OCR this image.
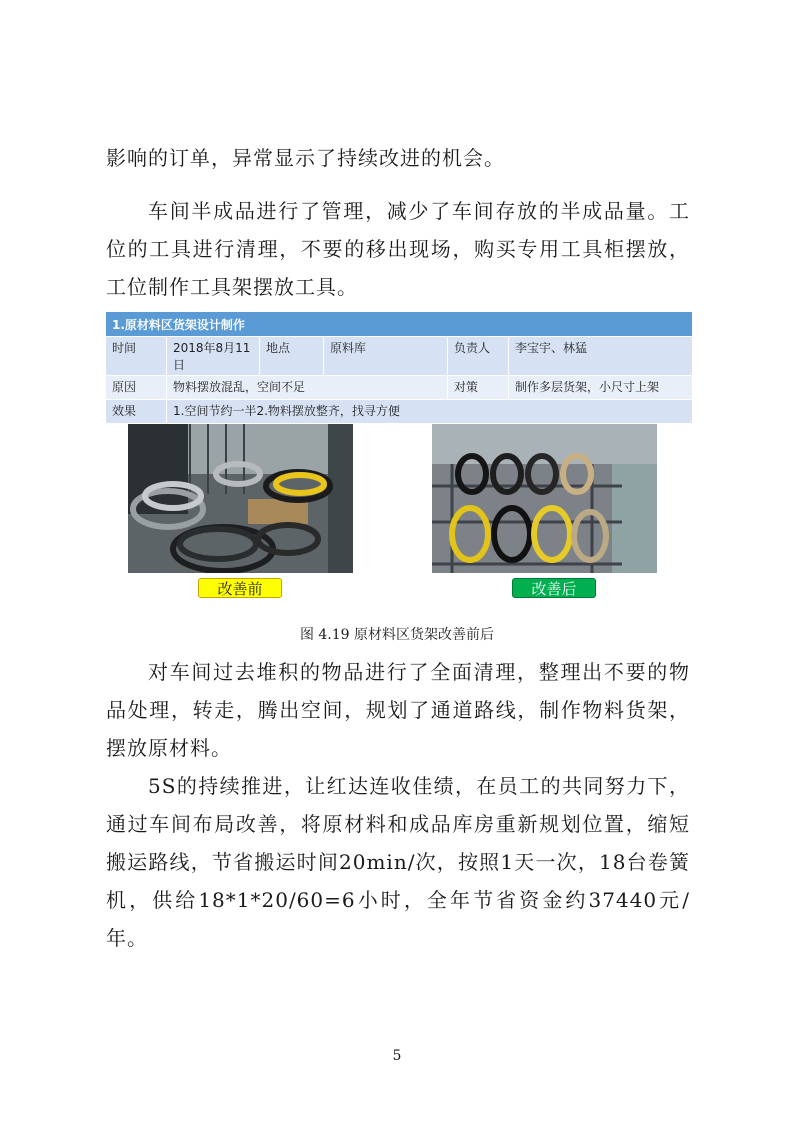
影响的订单，异常显示了持续改进的机会。

车间半成品进行了管理，减少了车间存放的半成品量。工位的工具进行清理，不要的移出现场，购买专用工具柜摆放，工位制作工具架摆放工具。

1.原材料区货架设计制作					
时间	2018年8月11日	地点	原料库	负责人	李宝宇、林猛
原因	物料摆放混乱，空间不足			对策	制作多层货架，小尺寸上架
效果	1.空间节约一半2.物料摆放整齐，找寻方便				
改善前	改善后

图 4.19 原材料区货架改善前后

对车间过去堆积的物品进行了全面清理，整理出不要的物品处理，转走，腾出空间，规划了通道路线，制作物料货架，摆放原材料。

5S的持续推进，让红达连收佳绩，在员工的共同努力下，通过车间布局改善，将原材料和成品库房重新规划位置，缩短搬运路线，节省搬运时间20min/次，按照1天一次，18台卷簧机，供给18*1*20/60=6小时，全年节省资金约37440元/年。

5
